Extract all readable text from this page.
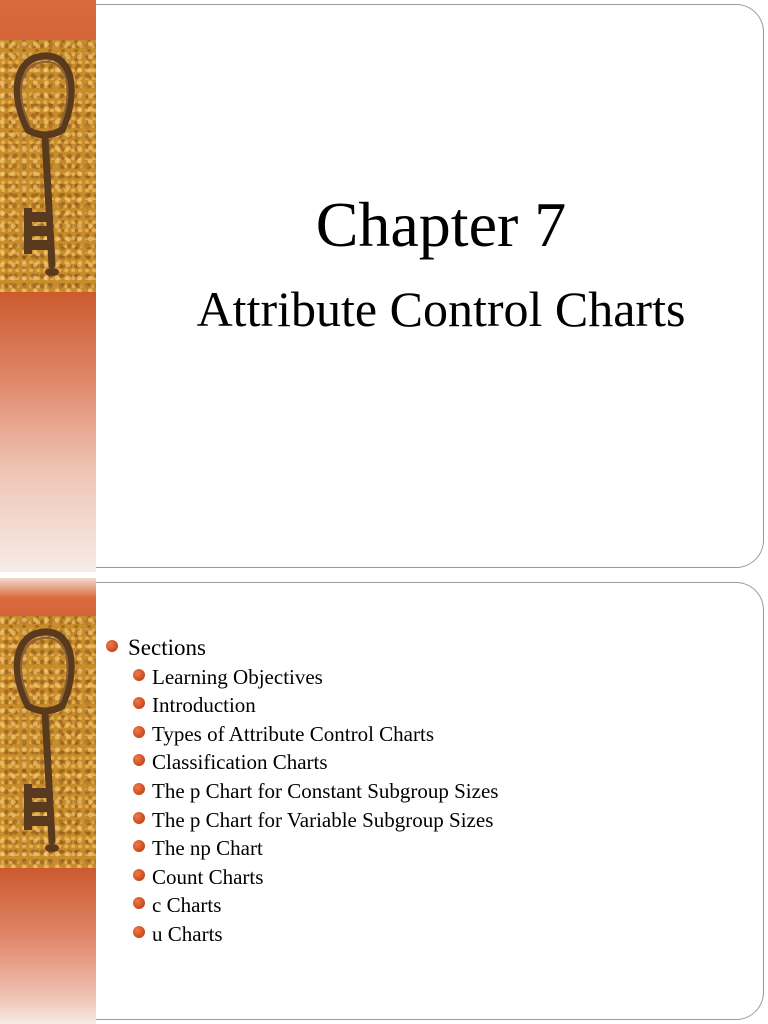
Chapter 7
Attribute Control Charts
Sections
Learning Objectives
Introduction
Types of Attribute Control Charts
Classification Charts
The p Chart for Constant Subgroup Sizes
The p Chart for Variable Subgroup Sizes
The np Chart
Count Charts
c Charts
u Charts
